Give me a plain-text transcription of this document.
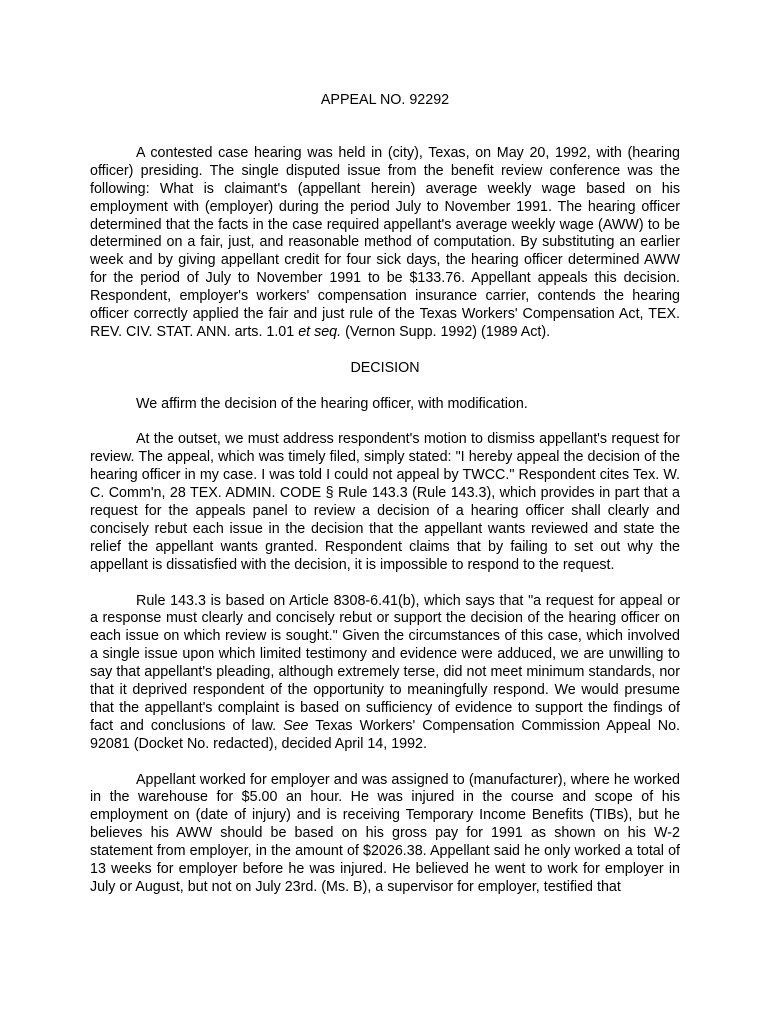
APPEAL NO. 92292

A contested case hearing was held in (city), Texas, on May 20, 1992, with (hearing officer) presiding. The single disputed issue from the benefit review conference was the following: What is claimant's (appellant herein) average weekly wage based on his employment with (employer) during the period July to November 1991. The hearing officer determined that the facts in the case required appellant's average weekly wage (AWW) to be determined on a fair, just, and reasonable method of computation. By substituting an earlier week and by giving appellant credit for four sick days, the hearing officer determined AWW for the period of July to November 1991 to be $133.76. Appellant appeals this decision. Respondent, employer's workers' compensation insurance carrier, contends the hearing officer correctly applied the fair and just rule of the Texas Workers' Compensation Act, TEX. REV. CIV. STAT. ANN. arts. 1.01 et seq. (Vernon Supp. 1992) (1989 Act).

DECISION

We affirm the decision of the hearing officer, with modification.

At the outset, we must address respondent's motion to dismiss appellant's request for review. The appeal, which was timely filed, simply stated: "I hereby appeal the decision of the hearing officer in my case. I was told I could not appeal by TWCC." Respondent cites Tex. W. C. Comm'n, 28 TEX. ADMIN. CODE § Rule 143.3 (Rule 143.3), which provides in part that a request for the appeals panel to review a decision of a hearing officer shall clearly and concisely rebut each issue in the decision that the appellant wants reviewed and state the relief the appellant wants granted. Respondent claims that by failing to set out why the appellant is dissatisfied with the decision, it is impossible to respond to the request.

Rule 143.3 is based on Article 8308-6.41(b), which says that "a request for appeal or a response must clearly and concisely rebut or support the decision of the hearing officer on each issue on which review is sought." Given the circumstances of this case, which involved a single issue upon which limited testimony and evidence were adduced, we are unwilling to say that appellant's pleading, although extremely terse, did not meet minimum standards, nor that it deprived respondent of the opportunity to meaningfully respond. We would presume that the appellant's complaint is based on sufficiency of evidence to support the findings of fact and conclusions of law. See Texas Workers' Compensation Commission Appeal No. 92081 (Docket No. redacted), decided April 14, 1992.

Appellant worked for employer and was assigned to (manufacturer), where he worked in the warehouse for $5.00 an hour. He was injured in the course and scope of his employment on (date of injury) and is receiving Temporary Income Benefits (TIBs), but he believes his AWW should be based on his gross pay for 1991 as shown on his W-2 statement from employer, in the amount of $2026.38. Appellant said he only worked a total of 13 weeks for employer before he was injured. He believed he went to work for employer in July or August, but not on July 23rd. (Ms. B), a supervisor for employer, testified that
